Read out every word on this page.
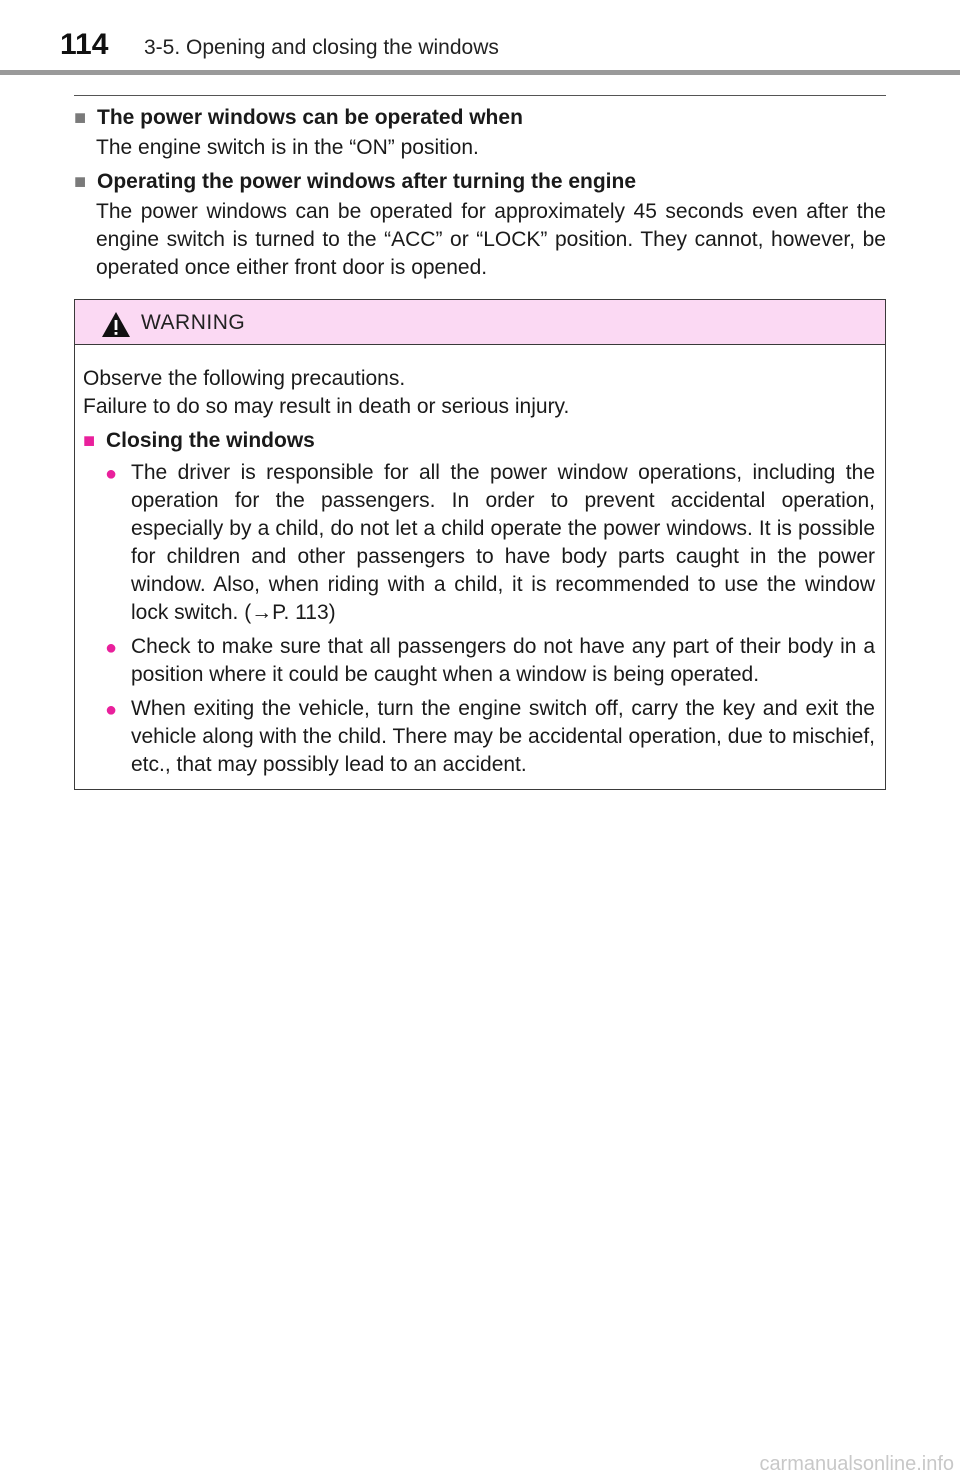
114 3-5. Opening and closing the windows
■ The power windows can be operated when

The engine switch is in the “ON” position.

■ Operating the power windows after turning the engine

The power windows can be operated for approximately 45 seconds even after the engine switch is turned to the “ACC” or “LOCK” position. They cannot, however, be operated once either front door is opened.

WARNING

Observe the following precautions.

Failure to do so may result in death or serious injury.

■ Closing the windows
● The driver is responsible for all the power window operations, including the operation for the passengers. In order to prevent accidental operation, especially by a child, do not let a child operate the power windows. It is possible for children and other passengers to have body parts caught in the power window. Also, when riding with a child, it is recommended to use the window lock switch. (→P. 113)
● Check to make sure that all passengers do not have any part of their body in a position where it could be caught when a window is being operated.
● When exiting the vehicle, turn the engine switch off, carry the key and exit the vehicle along with the child. There may be accidental operation, due to mischief, etc., that may possibly lead to an accident.
carmanualsonline.info
